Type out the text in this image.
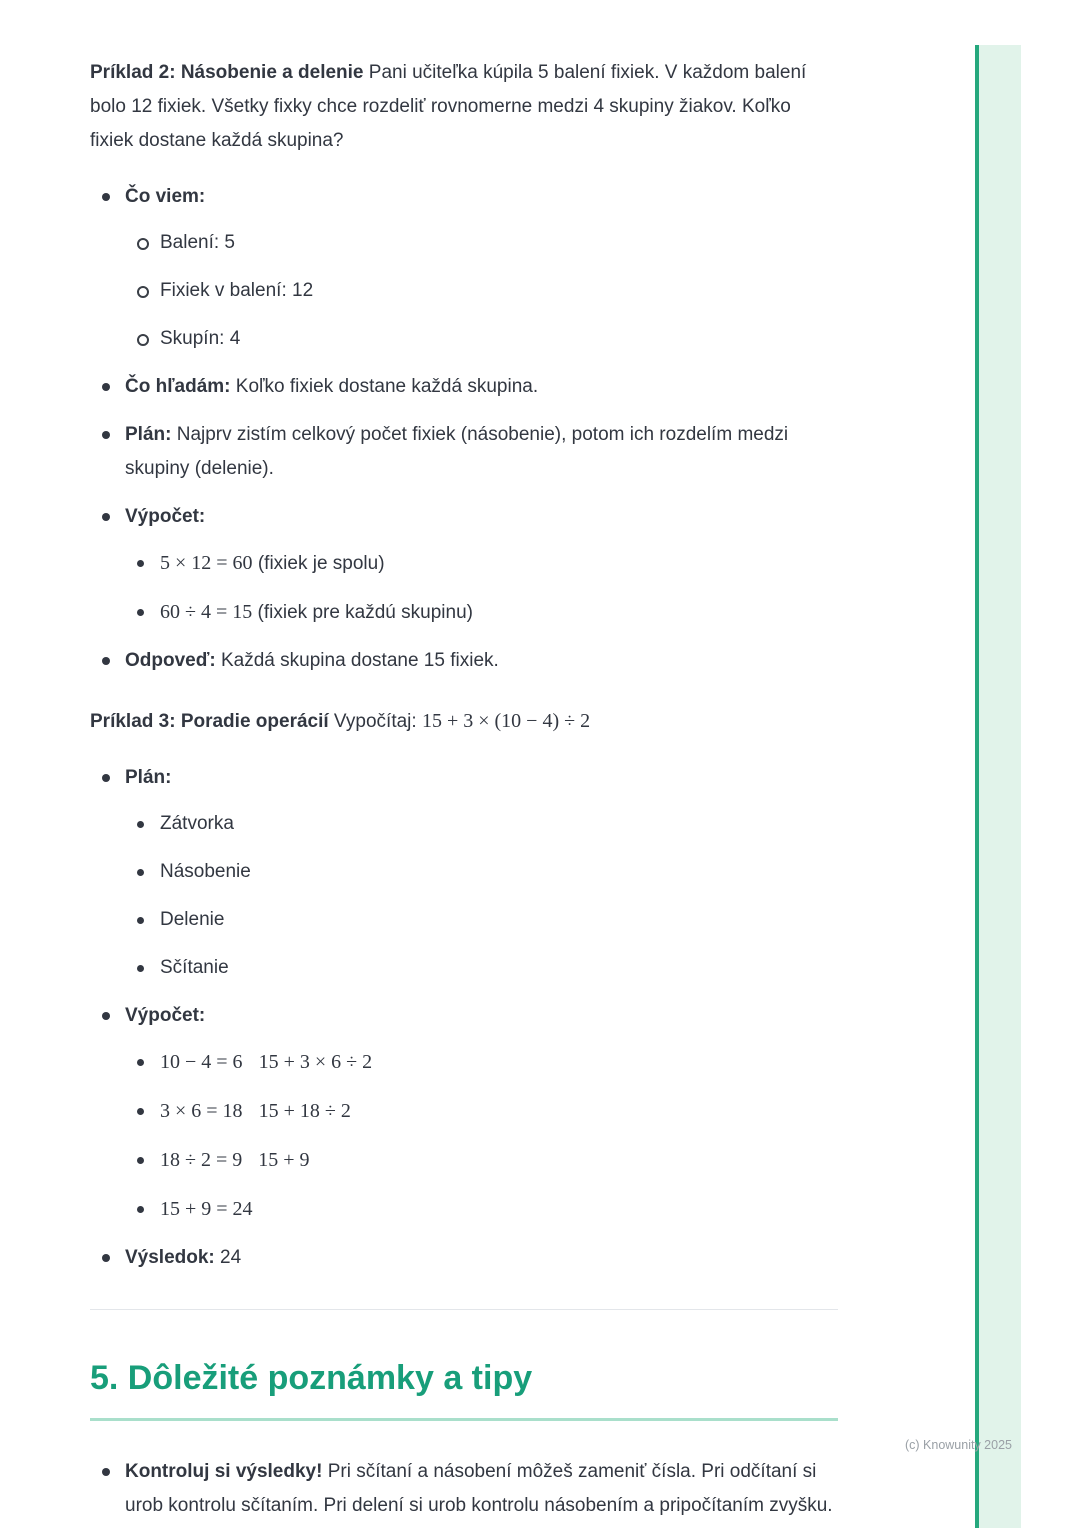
Príklad 2: Násobenie a delenie Pani učiteľka kúpila 5 balení fixiek. V každom balení bolo 12 fixiek. Všetky fixky chce rozdeliť rovnomerne medzi 4 skupiny žiakov. Koľko fixiek dostane každá skupina?

Čo viem:
Balení: 5
Fixiek v balení: 12
Skupín: 4
Čo hľadám: Koľko fixiek dostane každá skupina.
Plán: Najprv zistím celkový počet fixiek (násobenie), potom ich rozdelím medzi skupiny (delenie).
Výpočet:
5 × 12 = 60 (fixiek je spolu)
60 ÷ 4 = 15 (fixiek pre každú skupinu)
Odpoveď: Každá skupina dostane 15 fixiek.

Príklad 3: Poradie operácií Vypočítaj: 15 + 3 × (10 − 4) ÷ 2

Plán:
Zátvorka
Násobenie
Delenie
Sčítanie
Výpočet:
10 − 4 = 6 15 + 3 × 6 ÷ 2
3 × 6 = 18 15 + 18 ÷ 2
18 ÷ 2 = 9 15 + 9
15 + 9 = 24
Výsledok: 24
5. Dôležité poznámky a tipy
Kontroluj si výsledky! Pri sčítaní a násobení môžeš zameniť čísla. Pri odčítaní si urob kontrolu sčítaním. Pri delení si urob kontrolu násobením a pripočítaním zvyšku.
(c) Knowunity 2025
